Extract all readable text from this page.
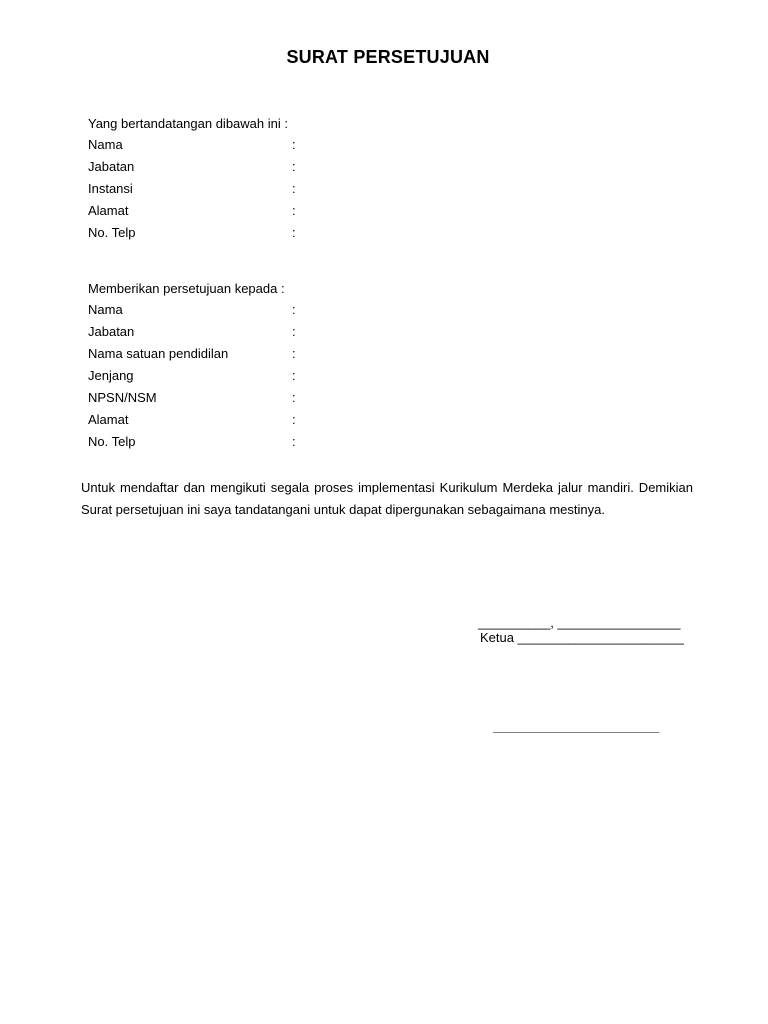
SURAT PERSETUJUAN
Yang bertandatangan dibawah ini :
Nama	:
Jabatan	:
Instansi	:
Alamat	:
No. Telp	:
Memberikan persetujuan kepada :
Nama	:
Jabatan	:
Nama satuan pendidilan	:
Jenjang	:
NPSN/NSM	:
Alamat	:
No. Telp	:

Untuk mendaftar dan mengikuti segala proses implementasi Kurikulum Merdeka jalur mandiri. Demikian Surat persetujuan ini saya tandatangani untuk dapat dipergunakan sebagaimana mestinya.

__________, _________________
Ketua _______________________
_______________________
